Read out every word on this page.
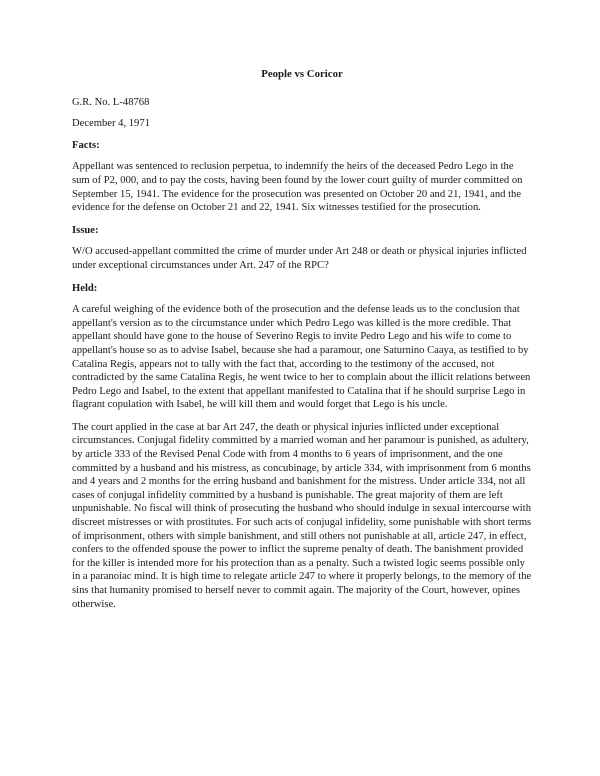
People vs Coricor
G.R. No. L-48768
December 4, 1971
Facts:
Appellant was sentenced to reclusion perpetua, to indemnify the heirs of the deceased Pedro Lego in the sum of P2, 000, and to pay the costs, having been found by the lower court guilty of murder committed on September 15, 1941. The evidence for the prosecution was presented on October 20 and 21, 1941, and the evidence for the defense on October 21 and 22, 1941. Six witnesses testified for the prosecution.
Issue:
W/O accused-appellant committed the crime of murder under Art 248 or death or physical injuries inflicted under exceptional circumstances under Art. 247 of the RPC?
Held:
A careful weighing of the evidence both of the prosecution and the defense leads us to the conclusion that appellant's version as to the circumstance under which Pedro Lego was killed is the more credible. That appellant should have gone to the house of Severino Regis to invite Pedro Lego and his wife to come to appellant's house so as to advise Isabel, because she had a paramour, one Saturnino Caaya, as testified to by Catalina Regis, appears not to tally with the fact that, according to the testimony of the accused, not contradicted by the same Catalina Regis, he went twice to her to complain about the illicit relations between Pedro Lego and Isabel, to the extent that appellant manifested to Catalina that if he should surprise Lego in flagrant copulation with Isabel, he will kill them and would forget that Lego is his uncle.
The court applied in the case at bar Art 247, the death or physical injuries inflicted under exceptional circumstances. Conjugal fidelity committed by a married woman and her paramour is punished, as adultery, by article 333 of the Revised Penal Code with from 4 months to 6 years of imprisonment, and the one committed by a husband and his mistress, as concubinage, by article 334, with imprisonment from 6 months and 4 years and 2 months for the erring husband and banishment for the mistress. Under article 334, not all cases of conjugal infidelity committed by a husband is punishable. The great majority of them are left unpunishable. No fiscal will think of prosecuting the husband who should indulge in sexual intercourse with discreet mistresses or with prostitutes. For such acts of conjugal infidelity, some punishable with short terms of imprisonment, others with simple banishment, and still others not punishable at all, article 247, in effect, confers to the offended spouse the power to inflict the supreme penalty of death. The banishment provided for the killer is intended more for his protection than as a penalty. Such a twisted logic seems possible only in a paranoiac mind. It is high time to relegate article 247 to where it properly belongs, to the memory of the sins that humanity promised to herself never to commit again. The majority of the Court, however, opines otherwise.
